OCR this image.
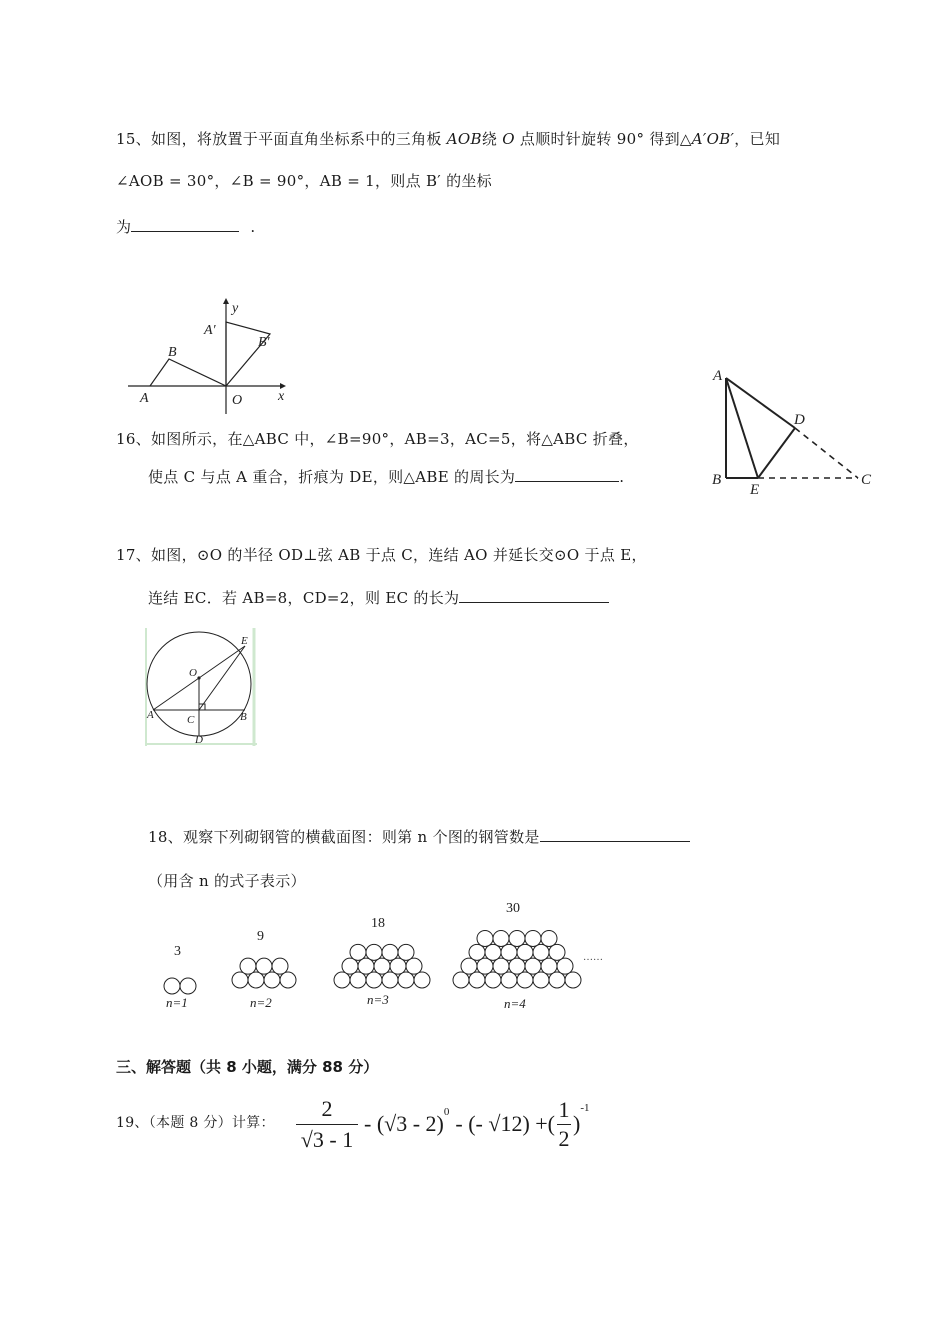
15、如图，将放置于平面直角坐标系中的三角板 AOB绕 O 点顺时针旋转 90° 得到△A′OB′，已知
∠AOB = 30°，∠B = 90°，AB = 1，则点 B′ 的坐标
为	.
y
x
A′
B′
B
A	O
16、如图所示，在△ABC 中，∠B=90°，AB=3，AC=5，将△ABC 折叠，
使点 C 与点 A 重合，折痕为 DE，则△ABE 的周长为	.
A
B	C
D
E
17、如图，⊙O 的半径 OD⊥弦 AB 于点 C，连结 AO 并延长交⊙O 于点 E，
连结 EC．若 AB=8，CD=2，则 EC 的长为
E
O
A	C	B
D
18、观察下列砌钢管的横截面图：则第 n 个图的钢管数是
（用含 n 的式子表示）
3
9
18
30
n=1	n=2	n=3	n=4
……
三、解答题（共 8 小题，满分 88 分）
19、（本题 8 分）计算：
2
√3 - 1
- (√3 - 2)$^0$ - (- √12) +(
1
2
)
$^{-1}$
